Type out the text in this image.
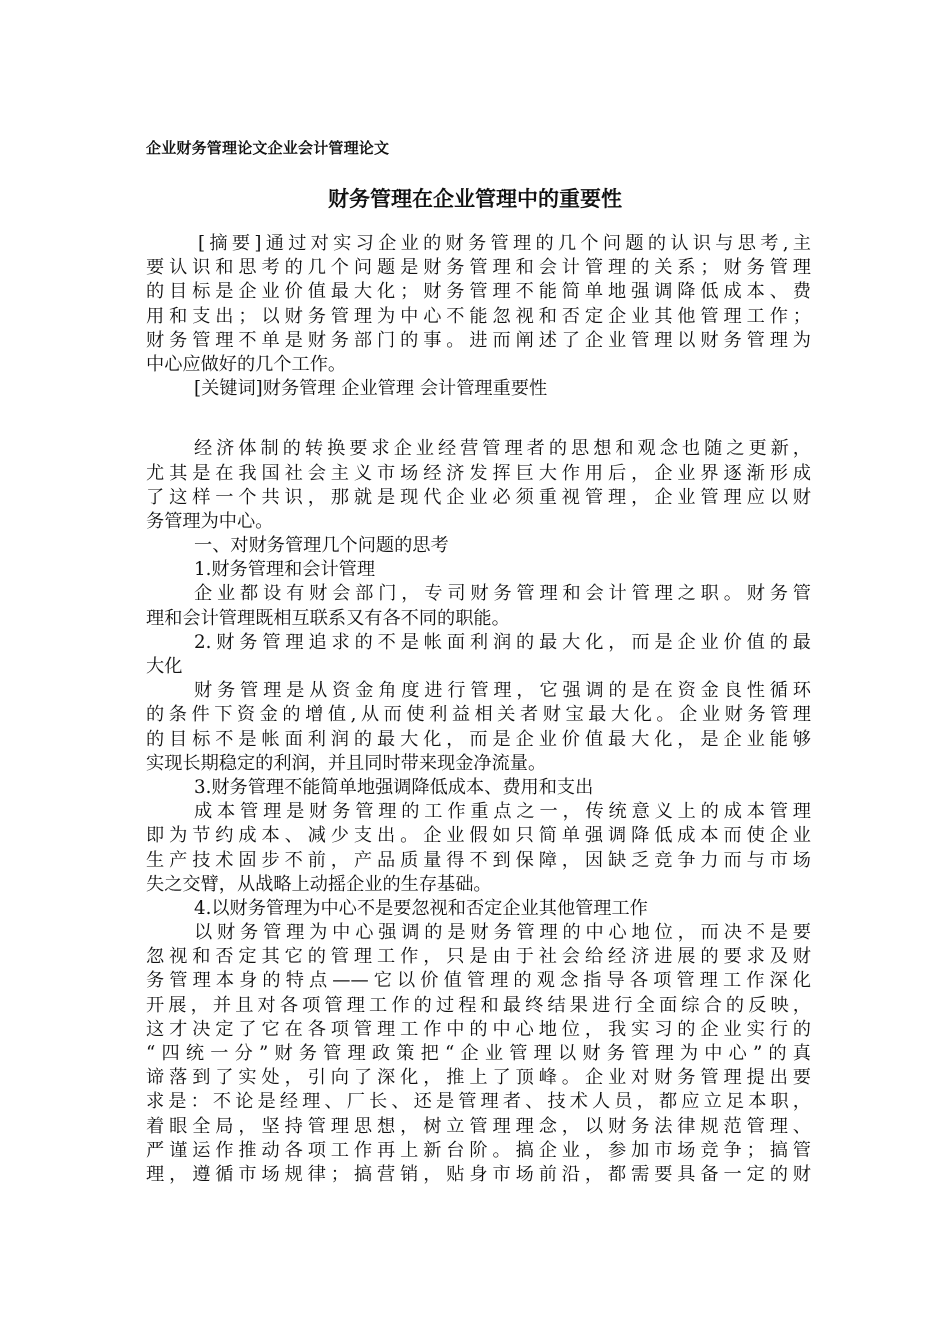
企业财务管理论文企业会计管理论文
财务管理在企业管理中的重要性
[摘要]通过对实习企业的财务管理的几个问题的认识与思考,主
要认识和思考的几个问题是财务管理和会计管理的关系；财务管理
的目标是企业价值最大化；财务管理不能简单地强调降低成本、费
用和支出；以财务管理为中心不能忽视和否定企业其他管理工作；
财务管理不单是财务部门的事。进而阐述了企业管理以财务管理为
中心应做好的几个工作。
[关键词]财务管理 企业管理 会计管理重要性
经济体制的转换要求企业经营管理者的思想和观念也随之更新，
尤其是在我国社会主义市场经济发挥巨大作用后，企业界逐渐形成
了这样一个共识，那就是现代企业必须重视管理，企业管理应以财
务管理为中心。
一、对财务管理几个问题的思考
1.财务管理和会计管理
企业都设有财会部门，专司财务管理和会计管理之职。财务管
理和会计管理既相互联系又有各不同的职能。
2.财务管理追求的不是帐面利润的最大化，而是企业价值的最
大化
财务管理是从资金角度进行管理，它强调的是在资金良性循环
的条件下资金的增值,从而使利益相关者财宝最大化。企业财务管理
的目标不是帐面利润的最大化，而是企业价值最大化，是企业能够
实现长期稳定的利润，并且同时带来现金净流量。
3.财务管理不能简单地强调降低成本、费用和支出
成本管理是财务管理的工作重点之一，传统意义上的成本管理
即为节约成本、减少支出。企业假如只简单强调降低成本而使企业
生产技术固步不前，产品质量得不到保障，因缺乏竞争力而与市场
失之交臂，从战略上动摇企业的生存基础。
4.以财务管理为中心不是要忽视和否定企业其他管理工作
以财务管理为中心强调的是财务管理的中心地位，而决不是要
忽视和否定其它的管理工作，只是由于社会给经济进展的要求及财
务管理本身的特点——它以价值管理的观念指导各项管理工作深化
开展，并且对各项管理工作的过程和最终结果进行全面综合的反映，
这才决定了它在各项管理工作中的中心地位，我实习的企业实行的
“四统一分”财务管理政策把“企业管理以财务管理为中心”的真
谛落到了实处，引向了深化，推上了顶峰。企业对财务管理提出要
求是：不论是经理、厂长、还是管理者、技术人员，都应立足本职，
着眼全局，坚持管理思想，树立管理理念，以财务法律规范管理、
严谨运作推动各项工作再上新台阶。搞企业，参加市场竞争；搞管
理，遵循市场规律；搞营销，贴身市场前沿，都需要具备一定的财
